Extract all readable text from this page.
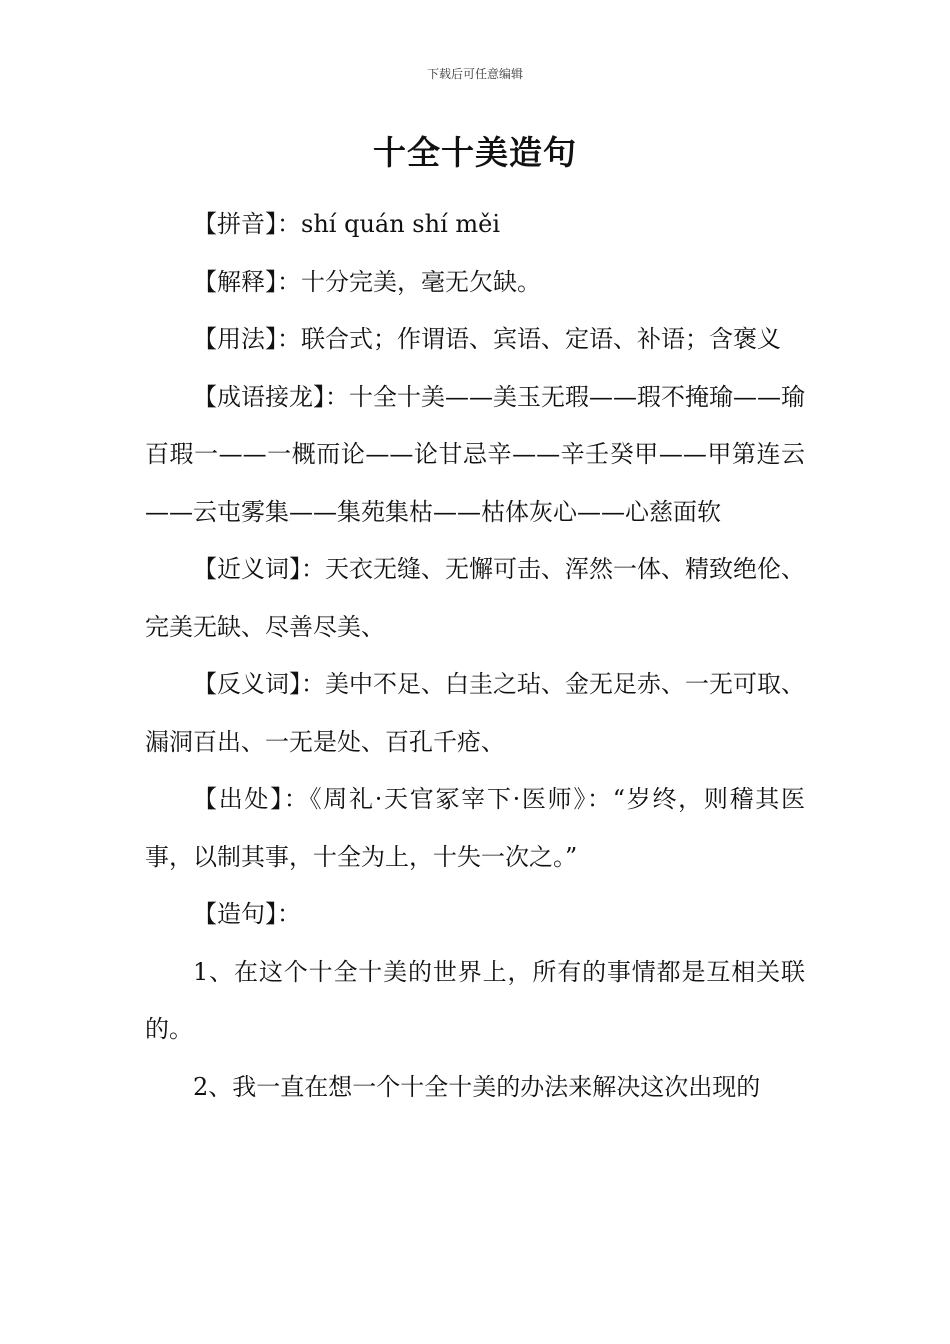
下载后可任意编辑
十全十美造句

【拼音】：shí quán shí měi

【解释】：十分完美，毫无欠缺。

【用法】：联合式；作谓语、宾语、定语、补语；含褒义

【成语接龙】：十全十美——美玉无瑕——瑕不掩瑜——瑜百瑕一——一概而论——论甘忌辛——辛壬癸甲——甲第连云——云屯雾集——集苑集枯——枯体灰心——心慈面软

【近义词】：天衣无缝、无懈可击、浑然一体、精致绝伦、完美无缺、尽善尽美、

【反义词】：美中不足、白圭之玷、金无足赤、一无可取、漏洞百出、一无是处、百孔千疮、

【出处】：《周礼·天官冢宰下·医师》：“岁终，则稽其医事，以制其事，十全为上，十失一次之。”

【造句】：

1、在这个十全十美的世界上，所有的事情都是互相关联的。

2、我一直在想一个十全十美的办法来解决这次出现的
